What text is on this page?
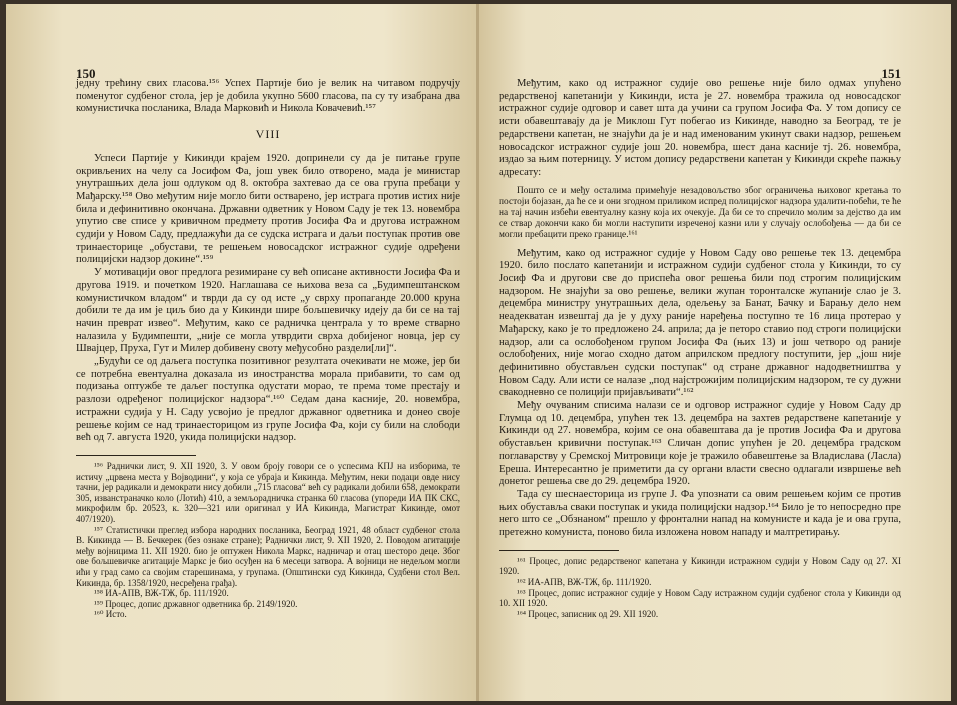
150

једну трећину свих гласова.¹⁵⁶ Успех Партије био је велик на читавом подручју поменутог судбеног стола, јер је добила укупно 5600 гласова, па су ту изабрана два комунистичка посланика, Влада Марковић и Никола Ковачевић.¹⁵⁷

VIII

Успеси Партије у Кикинди крајем 1920. допринели су да је питање групе окривљених на челу са Јосифом Фа, још увек било отворено, мада је министар унутрашњих дела још одлуком од 8. октобра захтевао да се ова група пребаци у Мађарску.¹⁵⁸ Ово међутим није могло бити остварено, јер истрага против истих није била и дефинитивно окончана. Државни одветник у Новом Саду је тек 13. новембра упутио све списе у кривичном предмету против Јосифа Фа и другова истражном судији у Новом Саду, предлажући да се судска истрага и даљи поступак против ове тринаесторице „обустави, те решењем новосадског истражног судије одређени полицијски надзор докине“.¹⁵⁹

У мотивацији овог предлога резимиране су већ описане активности Јосифа Фа и другова 1919. и почетком 1920. Наглашава се њихова веза са „Будимпештанском комунистичком владом“ и тврди да су од исте „у сврху пропаганде 20.000 круна добили те да им је циљ био да у Кикинди шире бољшевичку идеју да би се на тај начин преврат извео“. Међутим, како се радничка централа у то време стварно налазила у Будимпешти, „није се могла утврдити сврха добијеног новца, јер су Швајцер, Пруха, Гут и Милер добивену своту међусобно раздели[ли]“.

„Будући се од даљега поступка позитивног резултата очекивати не може, јер би се потребна евентуална доказала из иностранства морала прибавити, то сам од подизања оптужбе те даљег поступка одустати морао, те према томе престају и разлози одређеног полицијског надзора“.¹⁶⁰ Седам дана касније, 20. новембра, истражни судија у Н. Саду усвојио је предлог државног одветника и донео своје решење којим се над тринаесторицом из групе Јосифа Фа, који су били на слободи већ од 7. августа 1920, укида полицијски надзор.

¹⁵⁶ Раднички лист, 9. XII 1920, 3. У овом броју говори се о успесима КПЈ на изборима, те истичу „црвена места у Војводини“, у која се убраја и Кикинда. Међутим, неки подаци овде нису тачни, јер радикали и демократи нису добили „715 гласова“ већ су радикали добили 658, демократи 305, изванстраначко коло (Лотић) 410, а земљорадничка странка 60 гласова (упореди ИА ПК СКС, микрофилм бр. 20523, к. 320—321 или оригинал у ИА Кикинда, Магистрат Кикинде, омот 407/1920).

¹⁵⁷ Статистички преглед избора народних посланика, Београд 1921, 48 област судбеног стола В. Кикинда — В. Бечкерек (без ознаке стране); Раднички лист, 9. XII 1920, 2. Поводом агитације међу војницима 11. XII 1920. био је оптужен Никола Маркс, надничар и отац шесторо деце. Због ове бољшевичке агитације Маркс је био осуђен на 6 месеци затвора. А војници не недељом могли ићи у град само са својим старешинама, у групама. (Општински суд Кикинда, Судбени стол Вел. Кикинда, бр. 1358/1920, несређена грађа).

¹⁵⁸ ИА-АПВ, ВЖ-ТЖ, бр. 111/1920.

¹⁵⁹ Процес, допис државног одветника бр. 2149/1920.

¹⁶⁰ Исто.

151

Међутим, како од истражног судије ово решење није било одмах упућено редарственој капетанији у Кикинди, иста је 27. новембра тражила од новосадског истражног судије одговор и савет шта да учини са групом Јосифа Фа. У том допису се исти обавештавају да је Миклош Гут побегао из Кикинде, наводно за Београд, те је редарствени капетан, не знајући да је и над именованим укинут сваки надзор, решењем новосадског истражног судије још 20. новембра, шест дана касније тј. 26. новембра, издао за њим потерницу. У истом допису редарствени капетан у Кикинди скреће пажњу адресату:

Пошто се и међу осталима примећује незадовољство због ограничења њиховог кретања то постоји бојазан, да ће се и они згодном приликом испред полицијског надзора удалити-побећи, те ће на тај начин избећи евентуалну казну која их очекује. Да би се то спречило молим за дејство да им се ствар докончи како би могли наступити изреченој казни или у случају ослобођења — да би се могли пребацити преко границе.¹⁶¹

Међутим, како од истражног судије у Новом Саду ово решење тек 13. децембра 1920. било послато капетанији и истражном судији судбеног стола у Кикинди, то су Јосиф Фа и другови све до приспећа овог решења били под строгим полицијским надзором. Не знајући за ово решење, велики жупан торонталске жупаније слао је 3. децембра министру унутрашњих дела, одељењу за Банат, Бачку и Барању дело нем неадекватан извештај да је у духу раније наређења поступно те 16 лица протерао у Мађарску, како је то предложено 24. априла; да је петоро ставио под строги полицијски надзор, али са ослобођеном групом Јосифа Фа (њих 13) и још четворо од раније ослобођених, није могао сходно датом априлском предлогу поступити, јер „још није дефинитивно обустављен судски поступак“ од стране државног надодветништва у Новом Саду. Али исти се налазе „под најстрожијим полицијским надзором, те су дужни свакодневно се полицији пријављивати“.¹⁶²

Међу очуваним списима налази се и одговор истражног судије у Новом Саду др Глумца од 10. децембра, упућен тек 13. децембра на захтев редарствене капетаније у Кикинди од 27. новембра, којим се она обавештава да је против Јосифа Фа и другова обустављен кривични поступак.¹⁶³ Сличан допис упућен је 20. децембра градском поглаварству у Сремској Митровици које је тражило обавештење за Владислава (Ласла) Ереша. Интересантно је приметити да су органи власти свесно одлагали извршење већ донетог решења све до 29. децембра 1920.

Тада су шеснаесторица из групе Ј. Фа упознати са овим решењем којим се против њих обуставља сваки поступак и укида полицијски надзор.¹⁶⁴ Било је то непосредно пре него што се „Обзнаном“ прешло у фронтални напад на комунисте и када је и ова група, претежно комуниста, поново била изложена новом нападу и малтретирању.

¹⁶¹ Процес, допис редарственог капетана у Кикинди истражном судији у Новом Саду од 27. XI 1920.

¹⁶² ИА-АПВ, ВЖ-ТЖ, бр. 111/1920.

¹⁶³ Процес, допис истражног судије у Новом Саду истражном судији судбеног стола у Кикинди од 10. XII 1920.

¹⁶⁴ Процес, записник од 29. XII 1920.
